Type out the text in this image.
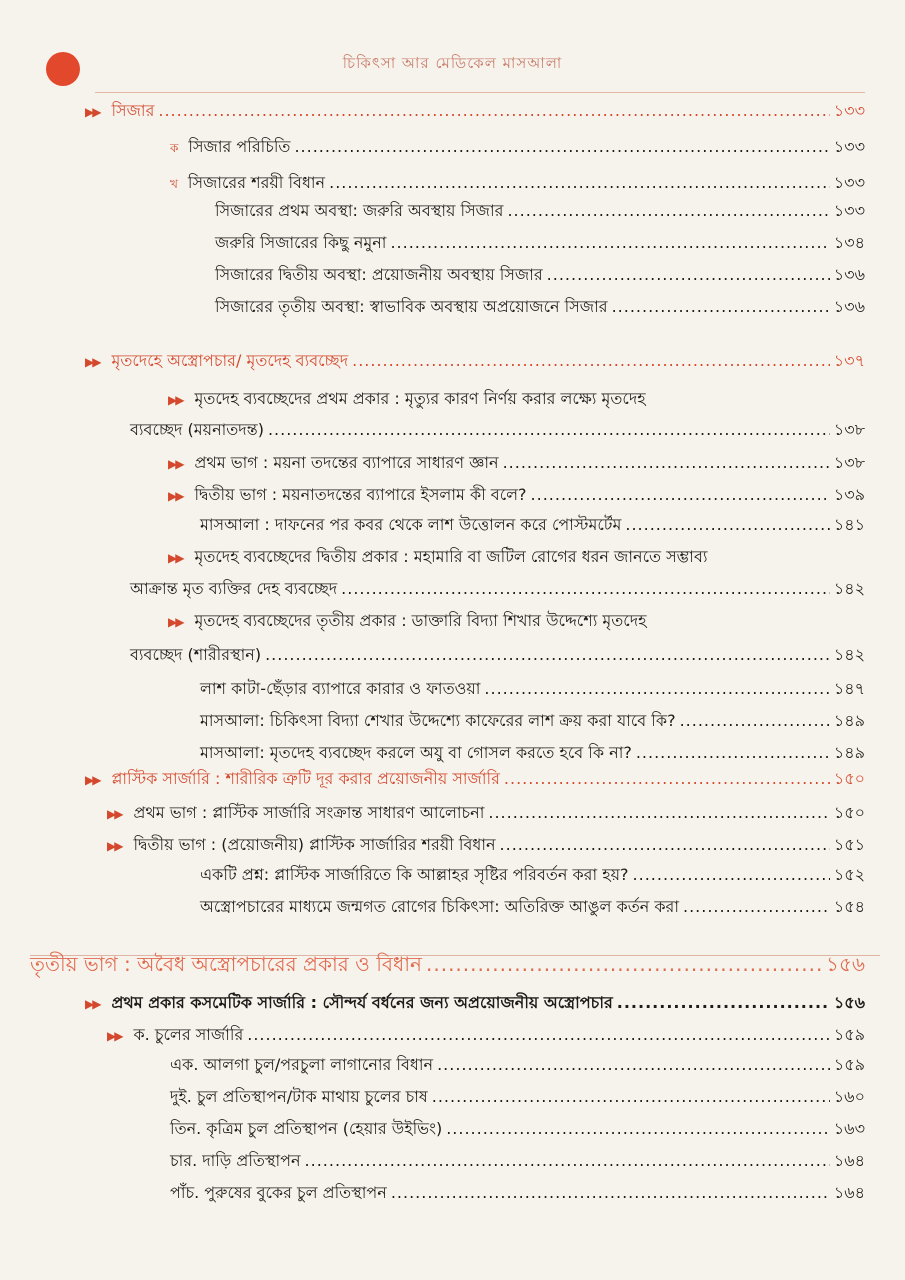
চিকিৎসা আর মেডিকেল মাসআলা
▶▶ সিজার .....	১৩৩
ক সিজার পরিচিতি .....	১৩৩
খ সিজারের শরয়ী বিধান .....	১৩৩
সিজারের প্রথম অবস্থা: জরুরি অবস্থায় সিজার .....	১৩৩
জরুরি সিজারের কিছু নমুনা .....	১৩৪
সিজারের দ্বিতীয় অবস্থা: প্রয়োজনীয় অবস্থায় সিজার .....	১৩৬
সিজারের তৃতীয় অবস্থা: স্বাভাবিক অবস্থায় অপ্রয়োজনে সিজার .....	১৩৬
▶▶ মৃতদেহে অস্ত্রোপচার/ মৃতদেহ ব্যবচ্ছেদ .....	১৩৭
▶▶ মৃতদেহ ব্যবচ্ছেদের প্রথম প্রকার : মৃত্যুর কারণ নির্ণয় করার লক্ষ্যে মৃতদেহ
ব্যবচ্ছেদ (ময়নাতদন্ত) .....	১৩৮
▶▶ প্রথম ভাগ : ময়না তদন্তের ব্যাপারে সাধারণ জ্ঞান .....	১৩৮
▶▶ দ্বিতীয় ভাগ : ময়নাতদন্তের ব্যাপারে ইসলাম কী বলে? .....	১৩৯
মাসআলা : দাফনের পর কবর থেকে লাশ উত্তোলন করে পোস্টমর্টেম .....	১৪১
▶▶ মৃতদেহ ব্যবচ্ছেদের দ্বিতীয় প্রকার : মহামারি বা জটিল রোগের ধরন জানতে সম্ভাব্য
আক্রান্ত মৃত ব্যক্তির দেহ ব্যবচ্ছেদ .....	১৪২
▶▶ মৃতদেহ ব্যবচ্ছেদের তৃতীয় প্রকার : ডাক্তারি বিদ্যা শিখার উদ্দেশ্যে মৃতদেহ
ব্যবচ্ছেদ (শারীরস্থান) .....	১৪২
লাশ কাটা-ছেঁড়ার ব্যাপারে কারার ও ফাতওয়া .....	১৪৭
মাসআলা: চিকিৎসা বিদ্যা শেখার উদ্দেশ্যে কাফেরের লাশ ক্রয় করা যাবে কি? .....	১৪৯
মাসআলা: মৃতদেহ ব্যবচ্ছেদ করলে অযু বা গোসল করতে হবে কি না? .....	১৪৯
▶▶ প্লাস্টিক সার্জারি : শারীরিক ত্রুটি দূর করার প্রয়োজনীয় সার্জারি .....	১৫০
▶▶ প্রথম ভাগ : প্লাস্টিক সার্জারি সংক্রান্ত সাধারণ আলোচনা .....	১৫০
▶▶ দ্বিতীয় ভাগ : (প্রয়োজনীয়) প্লাস্টিক সার্জারির শরয়ী বিধান .....	১৫১
একটি প্রশ্ন: প্লাস্টিক সার্জারিতে কি আল্লাহর সৃষ্টির পরিবর্তন করা হয়? .....	১৫২
অস্ত্রোপচারের মাধ্যমে জন্মগত রোগের চিকিৎসা: অতিরিক্ত আঙুল কর্তন করা .....	১৫৪
তৃতীয় ভাগ : অবৈধ অস্ত্রোপচারের প্রকার ও বিধান .....	১৫৬
▶▶ প্রথম প্রকার কসমেটিক সার্জারি : সৌন্দর্য বর্ধনের জন্য অপ্রয়োজনীয় অস্ত্রোপচার .....	১৫৬
▶▶ ক. চুলের সার্জারি .....	১৫৯
এক. আলগা চুল/পরচুলা লাগানোর বিধান .....	১৫৯
দুই. চুল প্রতিস্থাপন/টাক মাথায় চুলের চাষ .....	১৬০
তিন. কৃত্রিম চুল প্রতিস্থাপন (হেয়ার উইভিং) .....	১৬৩
চার. দাড়ি প্রতিস্থাপন .....	১৬৪
পাঁচ. পুরুষের বুকের চুল প্রতিস্থাপন .....	১৬৪
